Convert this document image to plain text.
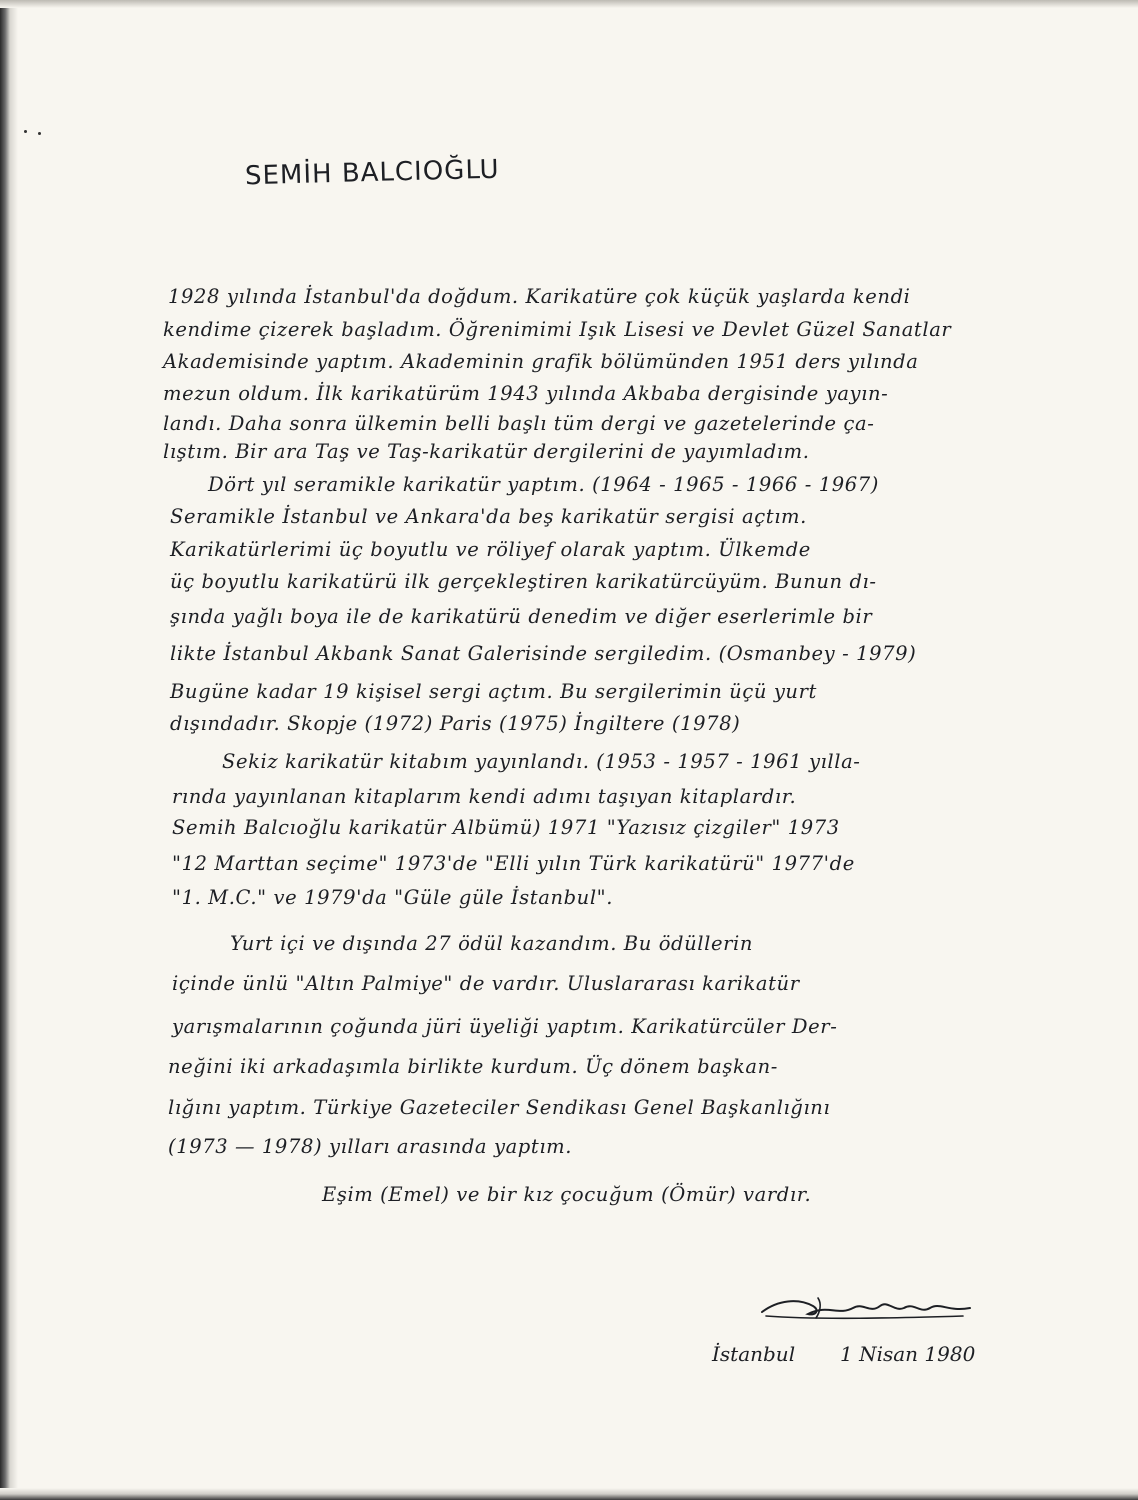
SEMİH BALCIOĞLU
1928 yılında İstanbul'da doğdum. Karikatüre çok küçük yaşlarda kendi
kendime çizerek başladım. Öğrenimimi Işık Lisesi ve Devlet Güzel Sanatlar
Akademisinde yaptım. Akademinin grafik bölümünden 1951 ders yılında
mezun oldum. İlk karikatürüm 1943 yılında Akbaba dergisinde yayın-
landı. Daha sonra ülkemin belli başlı tüm dergi ve gazetelerinde ça-
lıştım. Bir ara Taş ve Taş-karikatür dergilerini de yayımladım.
Dört yıl seramikle karikatür yaptım. (1964 - 1965 - 1966 - 1967)
Seramikle İstanbul ve Ankara'da beş karikatür sergisi açtım.
Karikatürlerimi üç boyutlu ve röliyef olarak yaptım. Ülkemde
üç boyutlu karikatürü ilk gerçekleştiren karikatürcüyüm. Bunun dı-
şında yağlı boya ile de karikatürü denedim ve diğer eserlerimle bir
likte İstanbul Akbank Sanat Galerisinde sergiledim. (Osmanbey - 1979)
Bugüne kadar 19 kişisel sergi açtım. Bu sergilerimin üçü yurt
dışındadır. Skopje (1972) Paris (1975) İngiltere (1978)
Sekiz karikatür kitabım yayınlandı. (1953 - 1957 - 1961 yılla-
rında yayınlanan kitaplarım kendi adımı taşıyan kitaplardır.
Semih Balcıoğlu karikatür Albümü) 1971 "Yazısız çizgiler" 1973
"12 Marttan seçime" 1973'de "Elli yılın Türk karikatürü" 1977'de
"1. M.C." ve 1979'da "Güle güle İstanbul".
Yurt içi ve dışında 27 ödül kazandım. Bu ödüllerin
içinde ünlü "Altın Palmiye" de vardır. Uluslararası karikatür
yarışmalarının çoğunda jüri üyeliği yaptım. Karikatürcüler Der-
neğini iki arkadaşımla birlikte kurdum. Üç dönem başkan-
lığını yaptım. Türkiye Gazeteciler Sendikası Genel Başkanlığını
(1973 — 1978) yılları arasında yaptım.
Eşim (Emel) ve bir kız çocuğum (Ömür) vardır.
İstanbul 1 Nisan 1980
